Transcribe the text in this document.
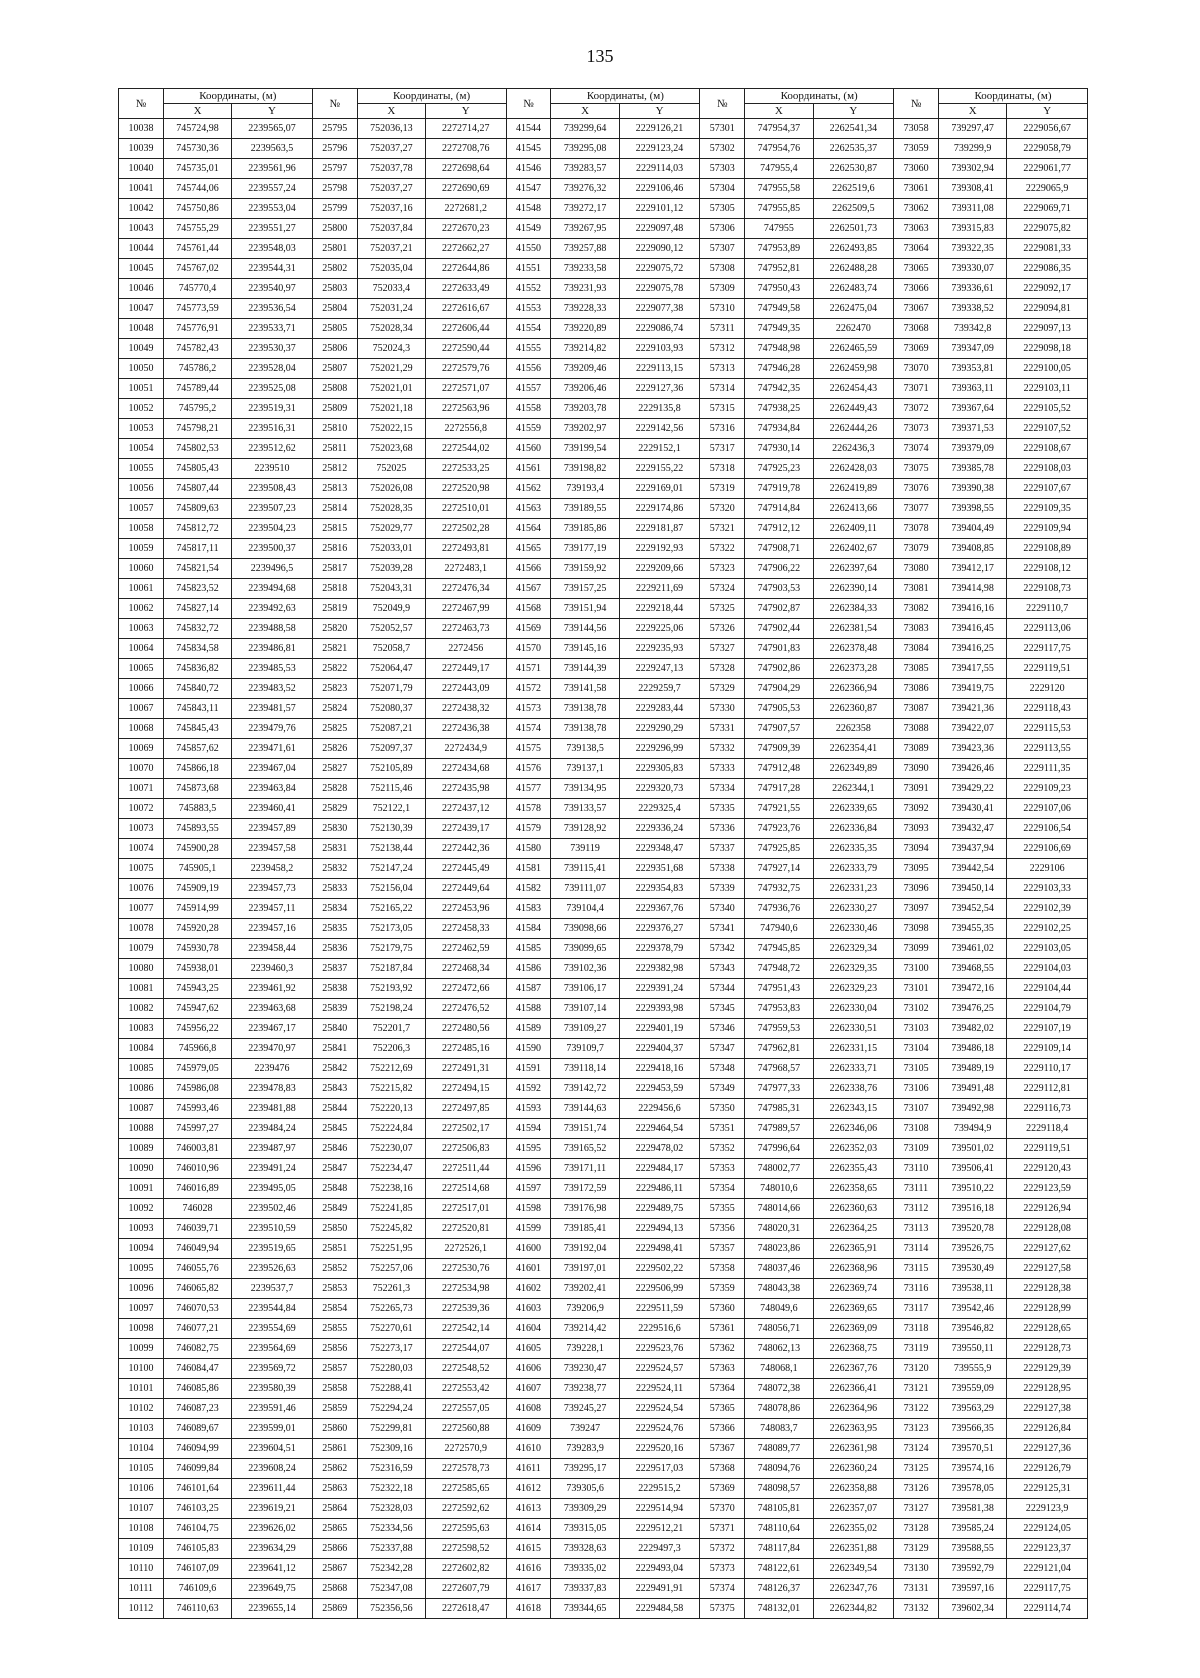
135
№	Координаты, (м)		№	Координаты, (м)		№	Координаты, (м)		№	Координаты, (м)		№	Координаты, (м)	
	X	Y		X	Y		X	Y		X	Y		X	Y
10038	745724,98	2239565,07	25795	752036,13	2272714,27	41544	739299,64	2229126,21	57301	747954,37	2262541,34	73058	739297,47	2229056,67
10039	745730,36	2239563,5	25796	752037,27	2272708,76	41545	739295,08	2229123,24	57302	747954,76	2262535,37	73059	739299,9	2229058,79
10040	745735,01	2239561,96	25797	752037,78	2272698,64	41546	739283,57	2229114,03	57303	747955,4	2262530,87	73060	739302,94	2229061,77
10041	745744,06	2239557,24	25798	752037,27	2272690,69	41547	739276,32	2229106,46	57304	747955,58	2262519,6	73061	739308,41	2229065,9
10042	745750,86	2239553,04	25799	752037,16	2272681,2	41548	739272,17	2229101,12	57305	747955,85	2262509,5	73062	739311,08	2229069,71
10043	745755,29	2239551,27	25800	752037,84	2272670,23	41549	739267,95	2229097,48	57306	747955	2262501,73	73063	739315,83	2229075,82
10044	745761,44	2239548,03	25801	752037,21	2272662,27	41550	739257,88	2229090,12	57307	747953,89	2262493,85	73064	739322,35	2229081,33
10045	745767,02	2239544,31	25802	752035,04	2272644,86	41551	739233,58	2229075,72	57308	747952,81	2262488,28	73065	739330,07	2229086,35
10046	745770,4	2239540,97	25803	752033,4	2272633,49	41552	739231,93	2229075,78	57309	747950,43	2262483,74	73066	739336,61	2229092,17
10047	745773,59	2239536,54	25804	752031,24	2272616,67	41553	739228,33	2229077,38	57310	747949,58	2262475,04	73067	739338,52	2229094,81
10048	745776,91	2239533,71	25805	752028,34	2272606,44	41554	739220,89	2229086,74	57311	747949,35	2262470	73068	739342,8	2229097,13
10049	745782,43	2239530,37	25806	752024,3	2272590,44	41555	739214,82	2229103,93	57312	747948,98	2262465,59	73069	739347,09	2229098,18
10050	745786,2	2239528,04	25807	752021,29	2272579,76	41556	739209,46	2229113,15	57313	747946,28	2262459,98	73070	739353,81	2229100,05
10051	745789,44	2239525,08	25808	752021,01	2272571,07	41557	739206,46	2229127,36	57314	747942,35	2262454,43	73071	739363,11	2229103,11
10052	745795,2	2239519,31	25809	752021,18	2272563,96	41558	739203,78	2229135,8	57315	747938,25	2262449,43	73072	739367,64	2229105,52
10053	745798,21	2239516,31	25810	752022,15	2272556,8	41559	739202,97	2229142,56	57316	747934,84	2262444,26	73073	739371,53	2229107,52
10054	745802,53	2239512,62	25811	752023,68	2272544,02	41560	739199,54	2229152,1	57317	747930,14	2262436,3	73074	739379,09	2229108,67
10055	745805,43	2239510	25812	752025	2272533,25	41561	739198,82	2229155,22	57318	747925,23	2262428,03	73075	739385,78	2229108,03
10056	745807,44	2239508,43	25813	752026,08	2272520,98	41562	739193,4	2229169,01	57319	747919,78	2262419,89	73076	739390,38	2229107,67
10057	745809,63	2239507,23	25814	752028,35	2272510,01	41563	739189,55	2229174,86	57320	747914,84	2262413,66	73077	739398,55	2229109,35
10058	745812,72	2239504,23	25815	752029,77	2272502,28	41564	739185,86	2229181,87	57321	747912,12	2262409,11	73078	739404,49	2229109,94
10059	745817,11	2239500,37	25816	752033,01	2272493,81	41565	739177,19	2229192,93	57322	747908,71	2262402,67	73079	739408,85	2229108,89
10060	745821,54	2239496,5	25817	752039,28	2272483,1	41566	739159,92	2229209,66	57323	747906,22	2262397,64	73080	739412,17	2229108,12
10061	745823,52	2239494,68	25818	752043,31	2272476,34	41567	739157,25	2229211,69	57324	747903,53	2262390,14	73081	739414,98	2229108,73
10062	745827,14	2239492,63	25819	752049,9	2272467,99	41568	739151,94	2229218,44	57325	747902,87	2262384,33	73082	739416,16	2229110,7
10063	745832,72	2239488,58	25820	752052,57	2272463,73	41569	739144,56	2229225,06	57326	747902,44	2262381,54	73083	739416,45	2229113,06
10064	745834,58	2239486,81	25821	752058,7	2272456	41570	739145,16	2229235,93	57327	747901,83	2262378,48	73084	739416,25	2229117,75
10065	745836,82	2239485,53	25822	752064,47	2272449,17	41571	739144,39	2229247,13	57328	747902,86	2262373,28	73085	739417,55	2229119,51
10066	745840,72	2239483,52	25823	752071,79	2272443,09	41572	739141,58	2229259,7	57329	747904,29	2262366,94	73086	739419,75	2229120
10067	745843,11	2239481,57	25824	752080,37	2272438,32	41573	739138,78	2229283,44	57330	747905,53	2262360,87	73087	739421,36	2229118,43
10068	745845,43	2239479,76	25825	752087,21	2272436,38	41574	739138,78	2229290,29	57331	747907,57	2262358	73088	739422,07	2229115,53
10069	745857,62	2239471,61	25826	752097,37	2272434,9	41575	739138,5	2229296,99	57332	747909,39	2262354,41	73089	739423,36	2229113,55
10070	745866,18	2239467,04	25827	752105,89	2272434,68	41576	739137,1	2229305,83	57333	747912,48	2262349,89	73090	739426,46	2229111,35
10071	745873,68	2239463,84	25828	752115,46	2272435,98	41577	739134,95	2229320,73	57334	747917,28	2262344,1	73091	739429,22	2229109,23
10072	745883,5	2239460,41	25829	752122,1	2272437,12	41578	739133,57	2229325,4	57335	747921,55	2262339,65	73092	739430,41	2229107,06
10073	745893,55	2239457,89	25830	752130,39	2272439,17	41579	739128,92	2229336,24	57336	747923,76	2262336,84	73093	739432,47	2229106,54
10074	745900,28	2239457,58	25831	752138,44	2272442,36	41580	739119	2229348,47	57337	747925,85	2262335,35	73094	739437,94	2229106,69
10075	745905,1	2239458,2	25832	752147,24	2272445,49	41581	739115,41	2229351,68	57338	747927,14	2262333,79	73095	739442,54	2229106
10076	745909,19	2239457,73	25833	752156,04	2272449,64	41582	739111,07	2229354,83	57339	747932,75	2262331,23	73096	739450,14	2229103,33
10077	745914,99	2239457,11	25834	752165,22	2272453,96	41583	739104,4	2229367,76	57340	747936,76	2262330,27	73097	739452,54	2229102,39
10078	745920,28	2239457,16	25835	752173,05	2272458,33	41584	739098,66	2229376,27	57341	747940,6	2262330,46	73098	739455,35	2229102,25
10079	745930,78	2239458,44	25836	752179,75	2272462,59	41585	739099,65	2229378,79	57342	747945,85	2262329,34	73099	739461,02	2229103,05
10080	745938,01	2239460,3	25837	752187,84	2272468,34	41586	739102,36	2229382,98	57343	747948,72	2262329,35	73100	739468,55	2229104,03
10081	745943,25	2239461,92	25838	752193,92	2272472,66	41587	739106,17	2229391,24	57344	747951,43	2262329,23	73101	739472,16	2229104,44
10082	745947,62	2239463,68	25839	752198,24	2272476,52	41588	739107,14	2229393,98	57345	747953,83	2262330,04	73102	739476,25	2229104,79
10083	745956,22	2239467,17	25840	752201,7	2272480,56	41589	739109,27	2229401,19	57346	747959,53	2262330,51	73103	739482,02	2229107,19
10084	745966,8	2239470,97	25841	752206,3	2272485,16	41590	739109,7	2229404,37	57347	747962,81	2262331,15	73104	739486,18	2229109,14
10085	745979,05	2239476	25842	752212,69	2272491,31	41591	739118,14	2229418,16	57348	747968,57	2262333,71	73105	739489,19	2229110,17
10086	745986,08	2239478,83	25843	752215,82	2272494,15	41592	739142,72	2229453,59	57349	747977,33	2262338,76	73106	739491,48	2229112,81
10087	745993,46	2239481,88	25844	752220,13	2272497,85	41593	739144,63	2229456,6	57350	747985,31	2262343,15	73107	739492,98	2229116,73
10088	745997,27	2239484,24	25845	752224,84	2272502,17	41594	739151,74	2229464,54	57351	747989,57	2262346,06	73108	739494,9	2229118,4
10089	746003,81	2239487,97	25846	752230,07	2272506,83	41595	739165,52	2229478,02	57352	747996,64	2262352,03	73109	739501,02	2229119,51
10090	746010,96	2239491,24	25847	752234,47	2272511,44	41596	739171,11	2229484,17	57353	748002,77	2262355,43	73110	739506,41	2229120,43
10091	746016,89	2239495,05	25848	752238,16	2272514,68	41597	739172,59	2229486,11	57354	748010,6	2262358,65	73111	739510,22	2229123,59
10092	746028	2239502,46	25849	752241,85	2272517,01	41598	739176,98	2229489,75	57355	748014,66	2262360,63	73112	739516,18	2229126,94
10093	746039,71	2239510,59	25850	752245,82	2272520,81	41599	739185,41	2229494,13	57356	748020,31	2262364,25	73113	739520,78	2229128,08
10094	746049,94	2239519,65	25851	752251,95	2272526,1	41600	739192,04	2229498,41	57357	748023,86	2262365,91	73114	739526,75	2229127,62
10095	746055,76	2239526,63	25852	752257,06	2272530,76	41601	739197,01	2229502,22	57358	748037,46	2262368,96	73115	739530,49	2229127,58
10096	746065,82	2239537,7	25853	752261,3	2272534,98	41602	739202,41	2229506,99	57359	748043,38	2262369,74	73116	739538,11	2229128,38
10097	746070,53	2239544,84	25854	752265,73	2272539,36	41603	739206,9	2229511,59	57360	748049,6	2262369,65	73117	739542,46	2229128,99
10098	746077,21	2239554,69	25855	752270,61	2272542,14	41604	739214,42	2229516,6	57361	748056,71	2262369,09	73118	739546,82	2229128,65
10099	746082,75	2239564,69	25856	752273,17	2272544,07	41605	739228,1	2229523,76	57362	748062,13	2262368,75	73119	739550,11	2229128,73
10100	746084,47	2239569,72	25857	752280,03	2272548,52	41606	739230,47	2229524,57	57363	748068,1	2262367,76	73120	739555,9	2229129,39
10101	746085,86	2239580,39	25858	752288,41	2272553,42	41607	739238,77	2229524,11	57364	748072,38	2262366,41	73121	739559,09	2229128,95
10102	746087,23	2239591,46	25859	752294,24	2272557,05	41608	739245,27	2229524,54	57365	748078,86	2262364,96	73122	739563,29	2229127,38
10103	746089,67	2239599,01	25860	752299,81	2272560,88	41609	739247	2229524,76	57366	748083,7	2262363,95	73123	739566,35	2229126,84
10104	746094,99	2239604,51	25861	752309,16	2272570,9	41610	739283,9	2229520,16	57367	748089,77	2262361,98	73124	739570,51	2229127,36
10105	746099,84	2239608,24	25862	752316,59	2272578,73	41611	739295,17	2229517,03	57368	748094,76	2262360,24	73125	739574,16	2229126,79
10106	746101,64	2239611,44	25863	752322,18	2272585,65	41612	739305,6	2229515,2	57369	748098,57	2262358,88	73126	739578,05	2229125,31
10107	746103,25	2239619,21	25864	752328,03	2272592,62	41613	739309,29	2229514,94	57370	748105,81	2262357,07	73127	739581,38	2229123,9
10108	746104,75	2239626,02	25865	752334,56	2272595,63	41614	739315,05	2229512,21	57371	748110,64	2262355,02	73128	739585,24	2229124,05
10109	746105,83	2239634,29	25866	752337,88	2272598,52	41615	739328,63	2229497,3	57372	748117,84	2262351,88	73129	739588,55	2229123,37
10110	746107,09	2239641,12	25867	752342,28	2272602,82	41616	739335,02	2229493,04	57373	748122,61	2262349,54	73130	739592,79	2229121,04
10111	746109,6	2239649,75	25868	752347,08	2272607,79	41617	739337,83	2229491,91	57374	748126,37	2262347,76	73131	739597,16	2229117,75
10112	746110,63	2239655,14	25869	752356,56	2272618,47	41618	739344,65	2229484,58	57375	748132,01	2262344,82	73132	739602,34	2229114,74
